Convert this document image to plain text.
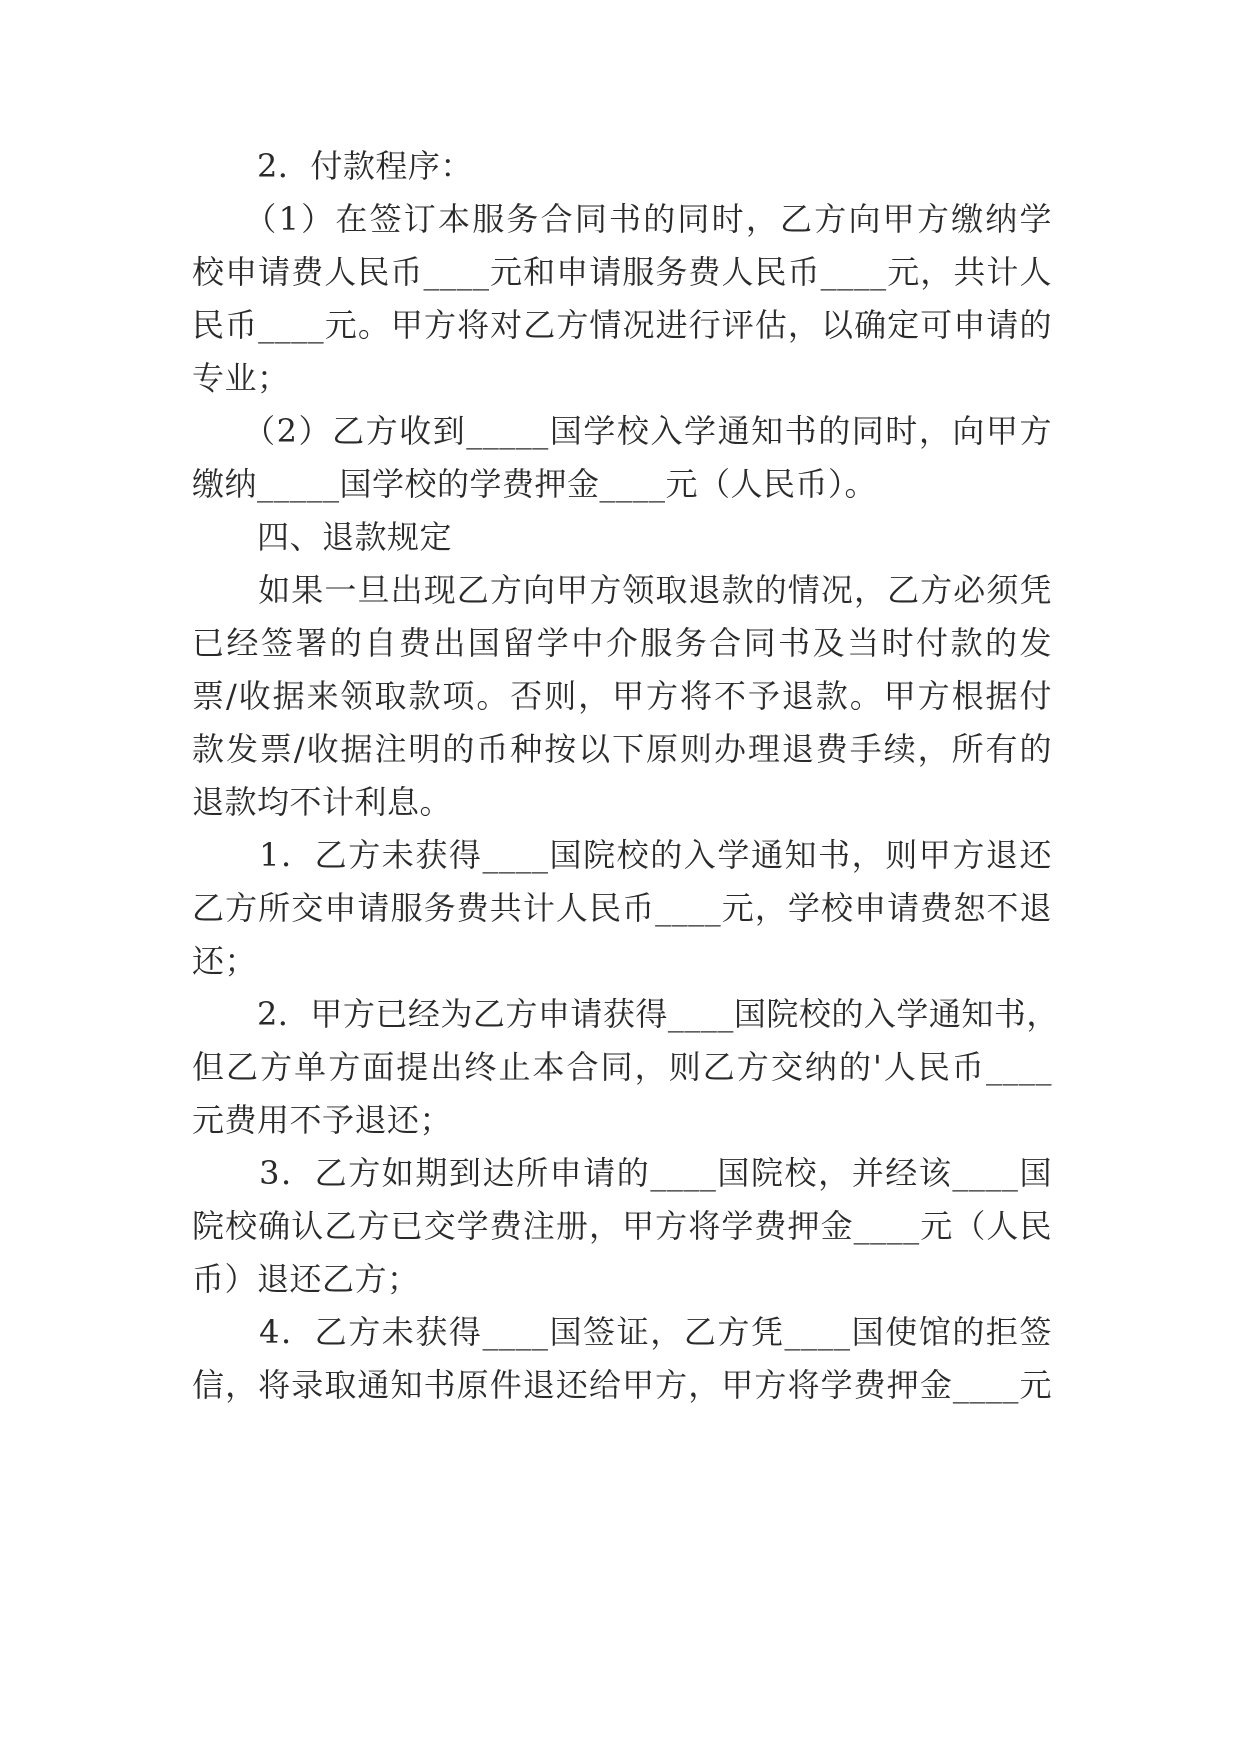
　　2．付款程序：
　　（1）在签订本服务合同书的同时，乙方向甲方缴纳学
校申请费人民币____元和申请服务费人民币____元，共计人
民币____元。甲方将对乙方情况进行评估，以确定可申请的
专业；
　　（2）乙方收到_____国学校入学通知书的同时，向甲方
缴纳_____国学校的学费押金____元（人民币）。
　　四、退款规定
　　如果一旦出现乙方向甲方领取退款的情况，乙方必须凭
已经签署的自费出国留学中介服务合同书及当时付款的发
票/收据来领取款项。否则，甲方将不予退款。甲方根据付
款发票/收据注明的币种按以下原则办理退费手续，所有的
退款均不计利息。
　　1．乙方未获得____国院校的入学通知书，则甲方退还
乙方所交申请服务费共计人民币____元，学校申请费恕不退
还；
　　2．甲方已经为乙方申请获得____国院校的入学通知书，
但乙方单方面提出终止本合同，则乙方交纳的'人民币____
元费用不予退还；
　　3．乙方如期到达所申请的____国院校，并经该____国
院校确认乙方已交学费注册，甲方将学费押金____元（人民
币）退还乙方；
　　4．乙方未获得____国签证，乙方凭____国使馆的拒签
信，将录取通知书原件退还给甲方，甲方将学费押金____元
